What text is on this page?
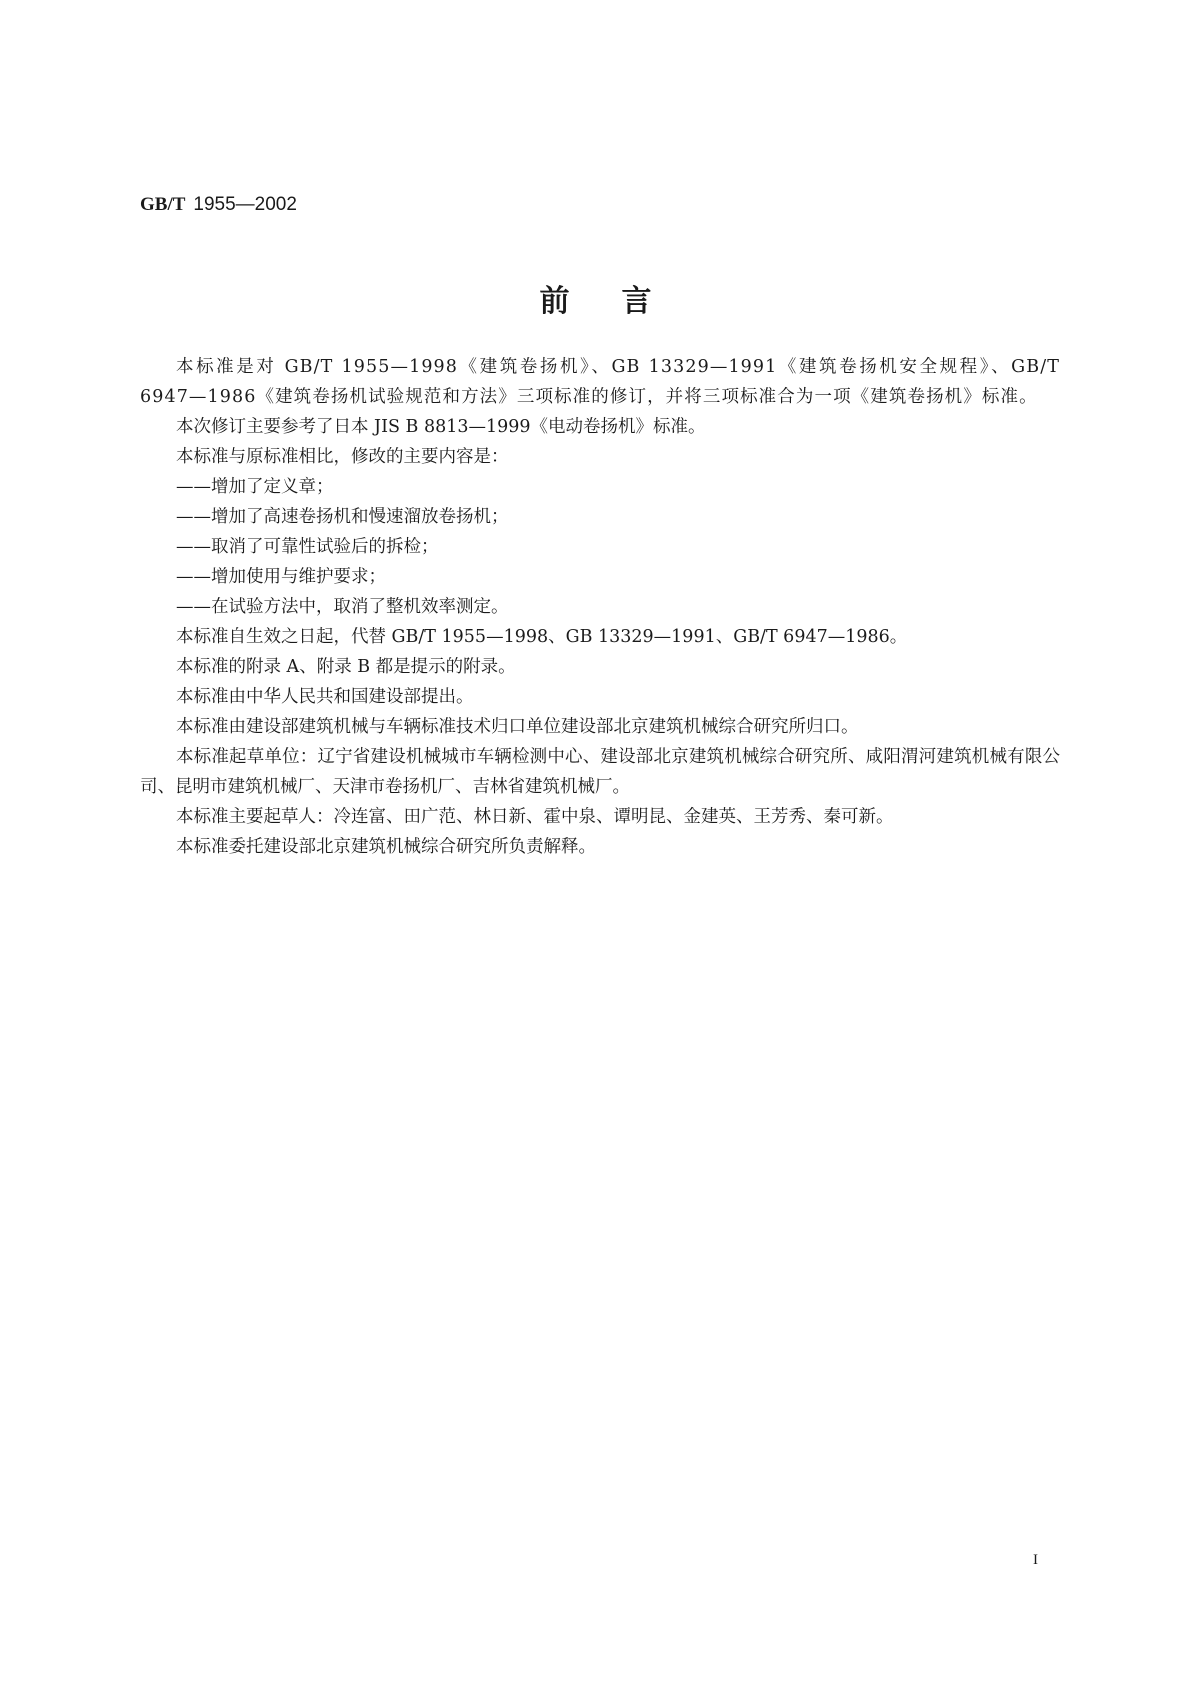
GB/T 1955—2002
前言

本标准是对 GB/T 1955—1998《建筑卷扬机》、GB 13329—1991《建筑卷扬机安全规程》、GB/T 6947—1986《建筑卷扬机试验规范和方法》三项标准的修订，并将三项标准合为一项《建筑卷扬机》标准。

本次修订主要参考了日本 JIS B 8813—1999《电动卷扬机》标准。

本标准与原标准相比，修改的主要内容是：

——增加了定义章；

——增加了高速卷扬机和慢速溜放卷扬机；

——取消了可靠性试验后的拆检；

——增加使用与维护要求；

——在试验方法中，取消了整机效率测定。

本标准自生效之日起，代替 GB/T 1955—1998、GB 13329—1991、GB/T 6947—1986。

本标准的附录 A、附录 B 都是提示的附录。

本标准由中华人民共和国建设部提出。

本标准由建设部建筑机械与车辆标准技术归口单位建设部北京建筑机械综合研究所归口。

本标准起草单位：辽宁省建设机械城市车辆检测中心、建设部北京建筑机械综合研究所、咸阳渭河建筑机械有限公司、昆明市建筑机械厂、天津市卷扬机厂、吉林省建筑机械厂。

本标准主要起草人：冷连富、田广范、林日新、霍中泉、谭明昆、金建英、王芳秀、秦可新。

本标准委托建设部北京建筑机械综合研究所负责解释。

I
